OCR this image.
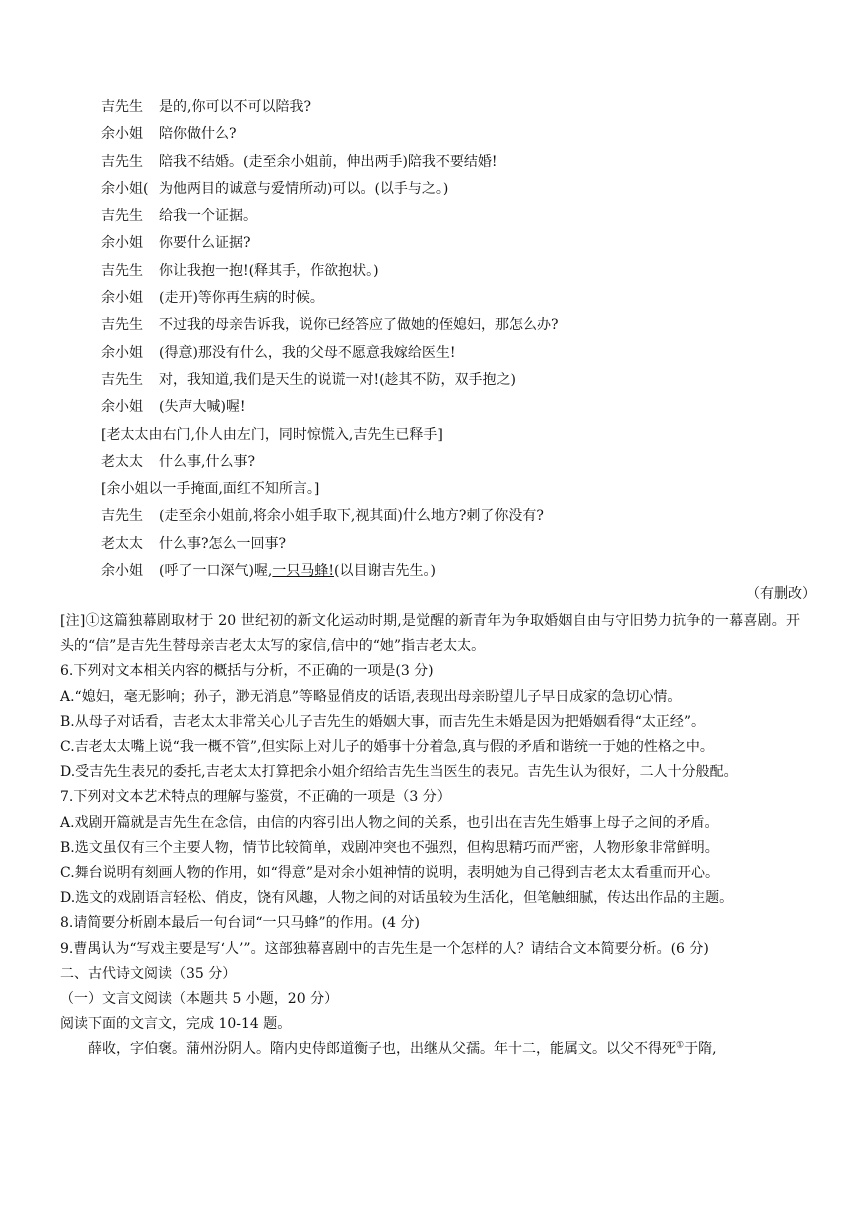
吉先生 是的,你可以不可以陪我?
余小姐 陪你做什么?
吉先生 陪我不结婚。(走至余小姐前，伸出两手)陪我不要结婚!
余小姐( 为他两目的诚意与爱情所动)可以。(以手与之。)
吉先生 给我一个证据。
余小姐 你要什么证据?
吉先生 你让我抱一抱!(释其手，作欲抱状。)
余小姐 (走开)等你再生病的时候。
吉先生 不过我的母亲告诉我，说你已经答应了做她的侄媳妇，那怎么办?
余小姐 (得意)那没有什么，我的父母不愿意我嫁给医生!
吉先生 对，我知道,我们是天生的说谎一对!(趁其不防，双手抱之)
余小姐 (失声大喊)喔!
[老太太由右门,仆人由左门，同时惊慌入,吉先生已释手]
老太太 什么事,什么事?
[余小姐以一手掩面,面红不知所言。]
吉先生 (走至余小姐前,将余小姐手取下,视其面)什么地方?刺了你没有?
老太太 什么事?怎么一回事?
余小姐 (呼了一口深气)喔,一只马蜂!(以目谢吉先生。)
（有删改）
[注]①这篇独幕剧取材于 20 世纪初的新文化运动时期,是觉醒的新青年为争取婚姻自由与守旧势力抗争的一幕喜剧。开头的“信”是吉先生替母亲吉老太太写的家信,信中的“她”指吉老太太。
6.下列对文本相关内容的概括与分析，不正确的一项是(3 分)
A.“媳妇，毫无影响；孙子，渺无消息”等略显俏皮的话语,表现出母亲盼望儿子早日成家的急切心情。
B.从母子对话看，吉老太太非常关心儿子吉先生的婚姻大事，而吉先生未婚是因为把婚姻看得“太正经”。
C.吉老太太嘴上说“我一概不管”,但实际上对儿子的婚事十分着急,真与假的矛盾和谐统一于她的性格之中。
D.受吉先生表兄的委托,吉老太太打算把余小姐介绍给吉先生当医生的表兄。吉先生认为很好，二人十分般配。
7.下列对文本艺术特点的理解与鉴赏，不正确的一项是（3 分）
A.戏剧开篇就是吉先生在念信，由信的内容引出人物之间的关系，也引出在吉先生婚事上母子之间的矛盾。
B.选文虽仅有三个主要人物，情节比较简单，戏剧冲突也不强烈，但构思精巧而严密，人物形象非常鲜明。
C.舞台说明有刻画人物的作用，如“得意”是对余小姐神情的说明，表明她为自己得到吉老太太看重而开心。
D.选文的戏剧语言轻松、俏皮，饶有风趣，人物之间的对话虽较为生活化，但笔触细腻，传达出作品的主题。
8.请简要分析剧本最后一句台词“一只马蜂”的作用。(4 分)
9.曹禺认为“写戏主要是写‘人’”。这部独幕喜剧中的吉先生是一个怎样的人？请结合文本简要分析。(6 分)
二、古代诗文阅读（35 分）
（一）文言文阅读（本题共 5 小题，20 分）
阅读下面的文言文，完成 10-14 题。
薛收，字伯褒。蒲州汾阴人。隋内史侍郎道衡子也，出继从父孺。年十二，能属文。以父不得死①于隋,
